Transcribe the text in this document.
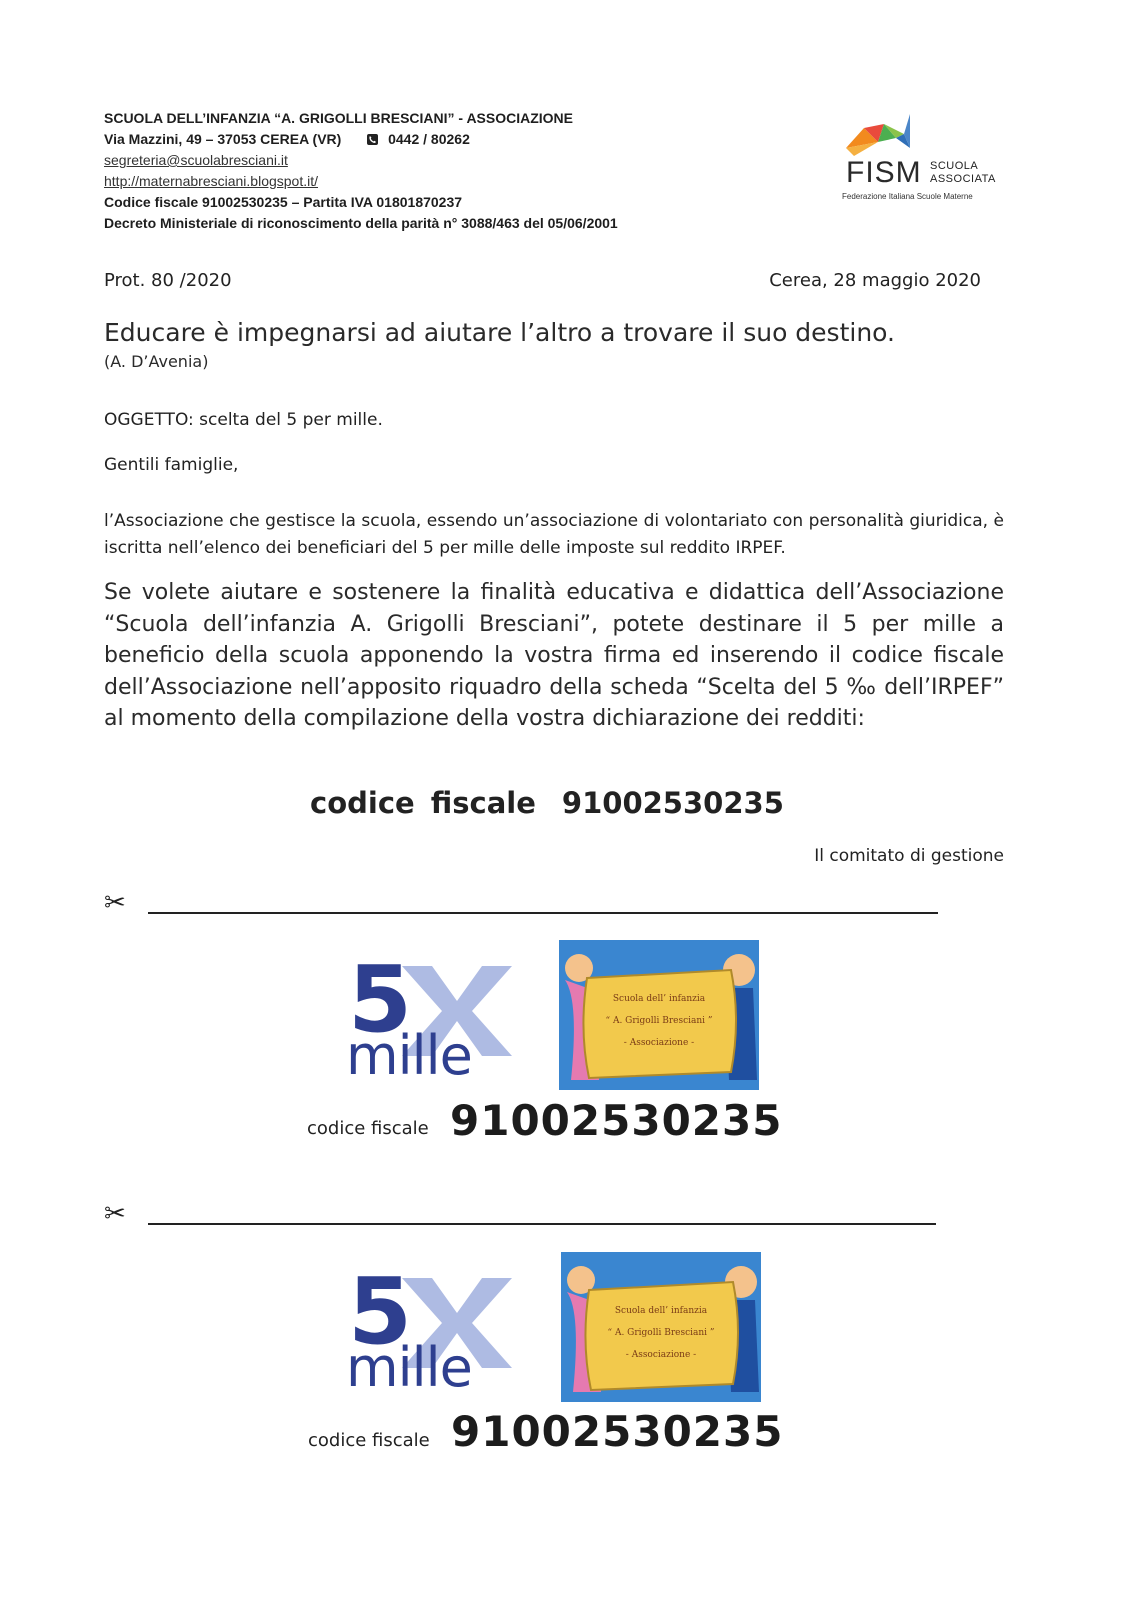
SCUOLA DELL’INFANZIA “A. GRIGOLLI BRESCIANI” - ASSOCIAZIONE
Via Mazzini, 49 – 37053 CEREA (VR)	0442 / 80262
segreteria@scuolabresciani.it
http://maternabresciani.blogspot.it/
Codice fiscale 91002530235 – Partita IVA 01801870237
Decreto Ministeriale di riconoscimento della parità n° 3088/463 del 05/06/2001
FISM SCUOLA
ASSOCIATA
Federazione Italiana Scuole Materne
Prot. 80 /2020	Cerea, 28 maggio 2020
Educare è impegnarsi ad aiutare l’altro a trovare il suo destino.
(A. D’Avenia)
OGGETTO: scelta del 5 per mille.
Gentili famiglie,
l’Associazione che gestisce la scuola, essendo un’associazione di volontariato con personalità giuridica, è iscritta nell’elenco dei beneficiari del 5 per mille delle imposte sul reddito IRPEF.
Se volete aiutare e sostenere la finalità educativa e didattica dell’Associazione “Scuola dell’infanzia A. Grigolli Bresciani”, potete destinare il 5 per mille a beneficio della scuola apponendo la vostra firma ed inserendo il codice fiscale dell’Associazione nell’apposito riquadro della scheda “Scelta del 5 ‰ dell’IRPEF” al momento della compilazione della vostra dichiarazione dei redditi:
codice fiscale 91002530235
Il comitato di gestione
✂
5
mille
Scuola dell’ infanzia
“ A. Grigolli Bresciani ”
- Associazione -
codice fiscale 91002530235
✂
5
mille
Scuola dell’ infanzia
“ A. Grigolli Bresciani ”
- Associazione -
codice fiscale 91002530235
